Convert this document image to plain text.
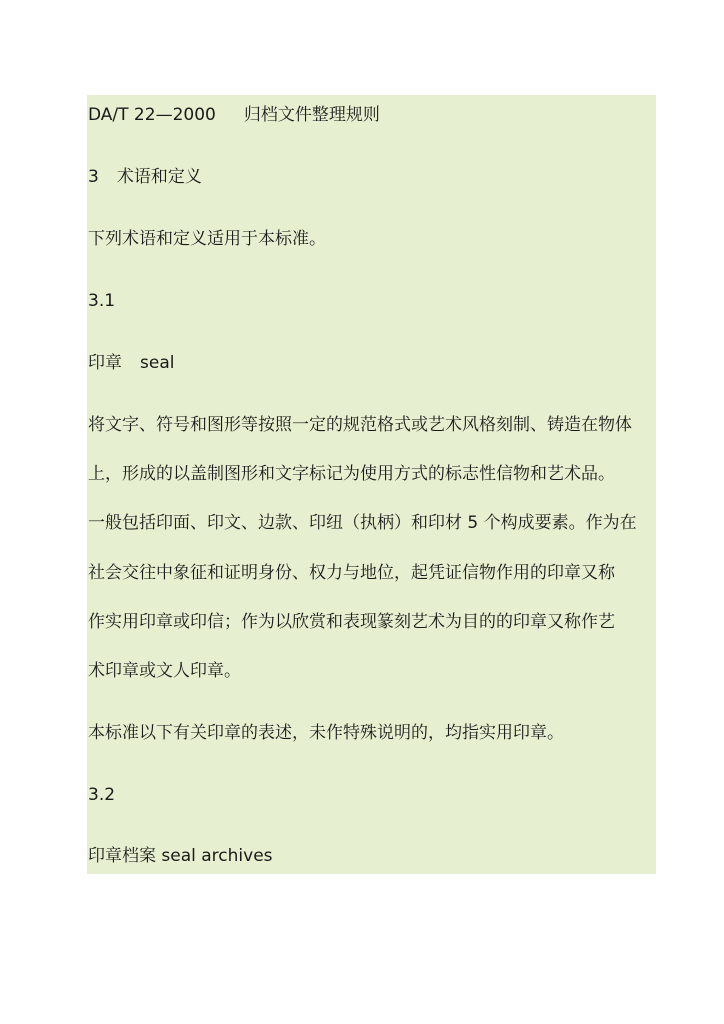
DA/T 22—2000 归档文件整理规则
3 术语和定义
下列术语和定义适用于本标准。
3.1
印章 seal
将文字、符号和图形等按照一定的规范格式或艺术风格刻制、铸造在物体
上，形成的以盖制图形和文字标记为使用方式的标志性信物和艺术品。
一般包括印面、印文、边款、印纽（执柄）和印材 5 个构成要素。作为在
社会交往中象征和证明身份、权力与地位，起凭证信物作用的印章又称
作实用印章或印信；作为以欣赏和表现篆刻艺术为目的的印章又称作艺
术印章或文人印章。
本标准以下有关印章的表述，未作特殊说明的，均指实用印章。
3.2
印章档案 seal archives
